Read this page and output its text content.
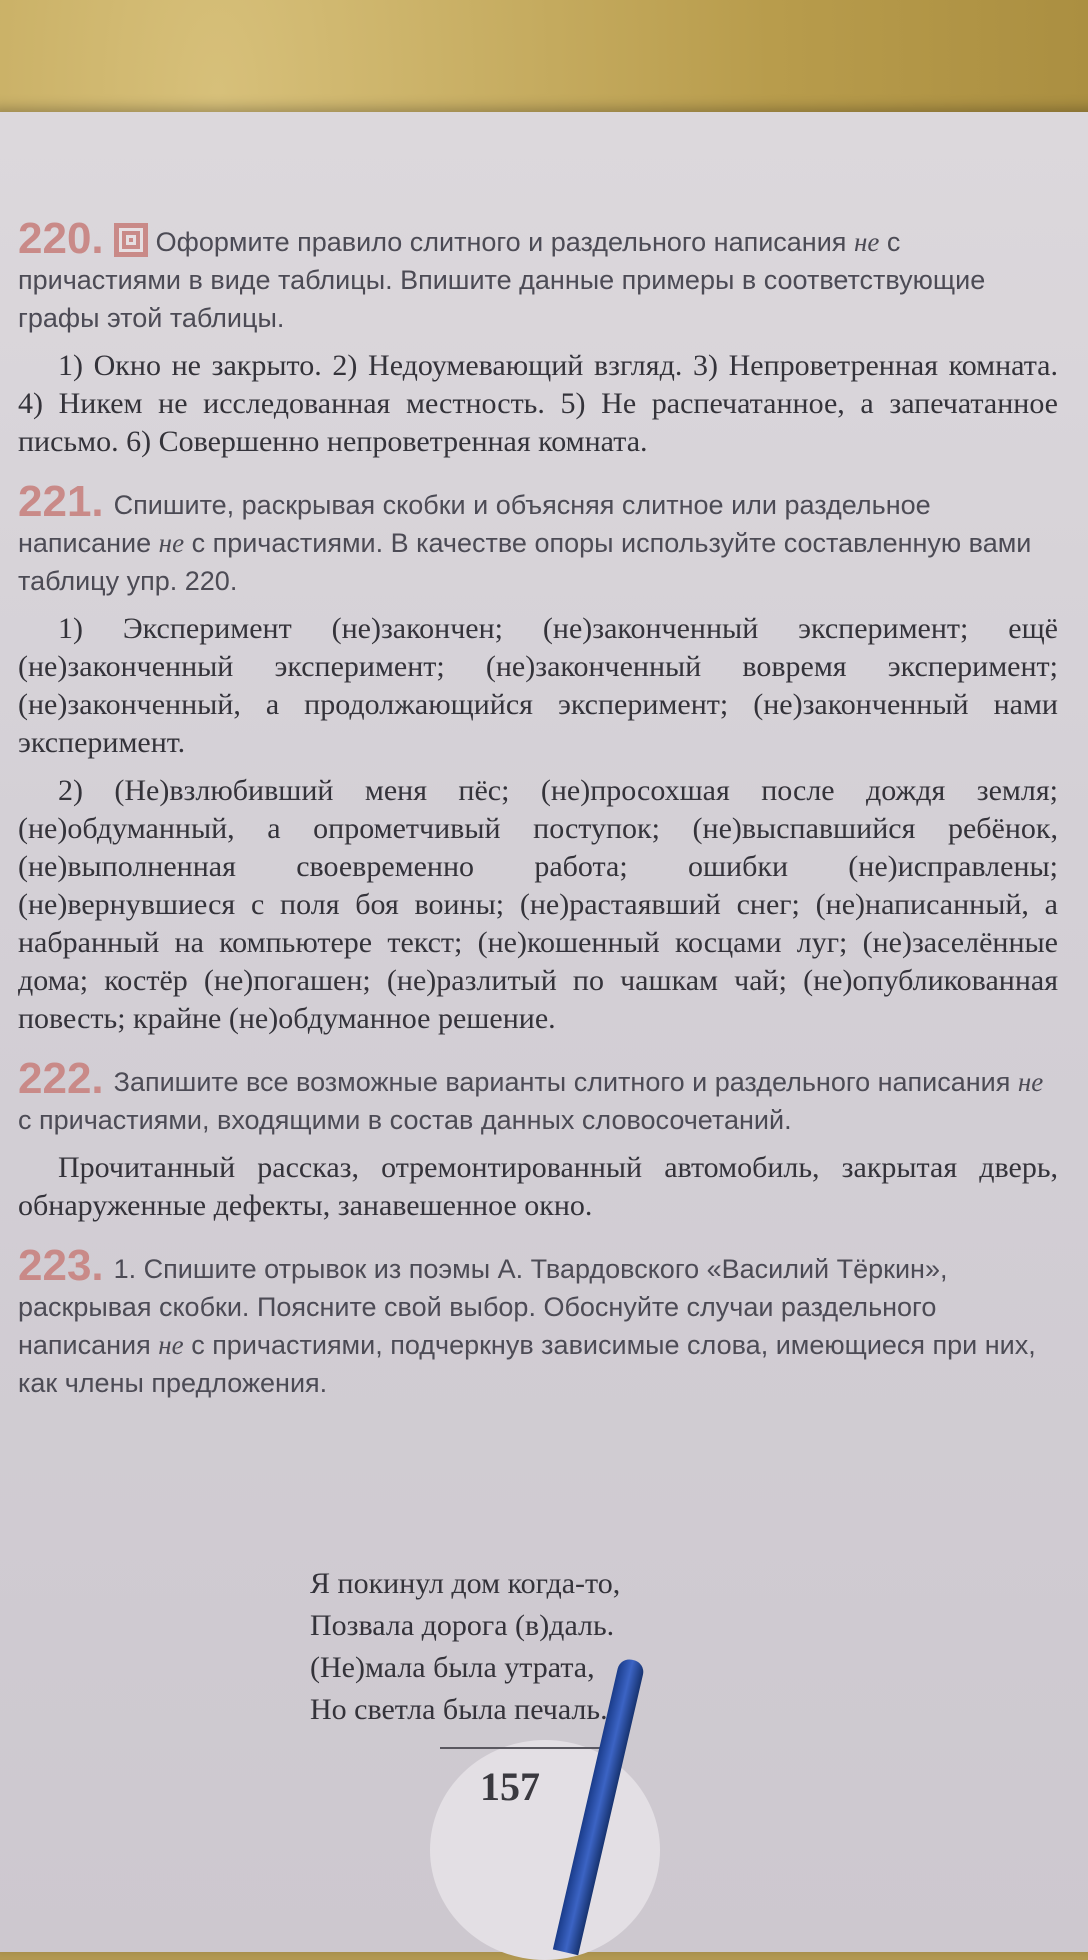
220. Оформите правило слитного и раздельного написания не с причастиями в виде таблицы. Впишите данные примеры в соответствующие графы этой таблицы.

1) Окно не закрыто. 2) Недоумевающий взгляд. 3) Непроветренная комната. 4) Никем не исследованная местность. 5) Не распечатанное, а запечатанное письмо. 6) Совершенно непроветренная комната.

221. Спишите, раскрывая скобки и объясняя слитное или раздельное написание не с причастиями. В качестве опоры используйте составленную вами таблицу упр. 220.

1) Эксперимент (не)закончен; (не)законченный эксперимент; ещё (не)законченный эксперимент; (не)законченный вовремя эксперимент; (не)законченный, а продолжающийся эксперимент; (не)законченный нами эксперимент.

2) (Не)взлюбивший меня пёс; (не)просохшая после дождя земля; (не)обдуманный, а опрометчивый поступок; (не)выспавшийся ребёнок, (не)выполненная своевременно работа; ошибки (не)исправлены; (не)вернувшиеся с поля боя воины; (не)растаявший снег; (не)написанный, а набранный на компьютере текст; (не)кошенный косцами луг; (не)заселённые дома; костёр (не)погашен; (не)разлитый по чашкам чай; (не)опубликованная повесть; крайне (не)обдуманное решение.

222. Запишите все возможные варианты слитного и раздельного написания не с причастиями, входящими в состав данных словосочетаний.

Прочитанный рассказ, отремонтированный автомобиль, закрытая дверь, обнаруженные дефекты, занавешенное окно.

223. 1. Спишите отрывок из поэмы А. Твардовского «Василий Тёркин», раскрывая скобки. Поясните свой выбор. Обоснуйте случаи раздельного написания не с причастиями, подчеркнув зависимые слова, имеющиеся при них, как члены предложения.
Я покинул дом когда-то,
Позвала дорога (в)даль.
(Не)мала была утрата,
Но светла была печаль.
157
